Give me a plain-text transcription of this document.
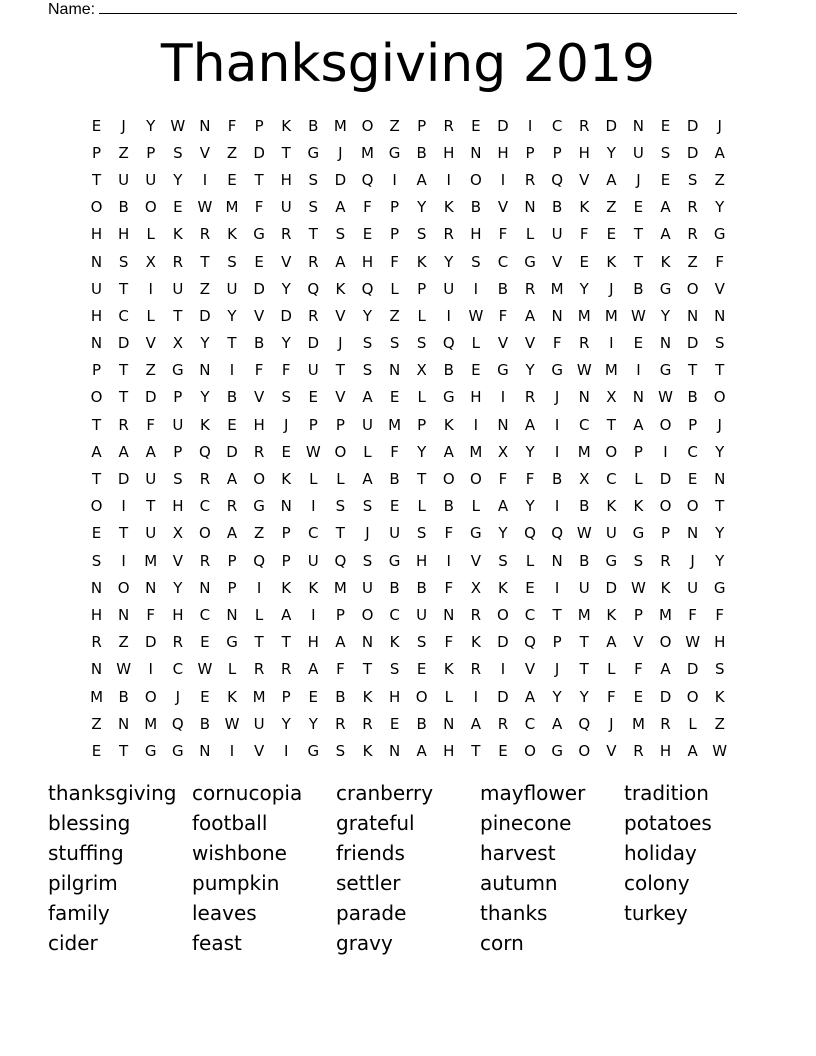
Name:
Thanksgiving 2019
E	J	Y	W N	F	P	K	B	M O	Z	P	R	E	D	I	C	R	D	N	E	D	J
P	Z	P	S	V	Z	D	T	G	J	M G	B	H	N	H	P	P	H	Y	U	S	D	A
T	U	U	Y	I	E	T	H	S	D	Q	I	A	I	O	I	R	Q	V	A	J	E	S	Z
O	B	O	E W M	F	U	S	A	F	P	Y	K	B	V	N	B	K	Z	E	A	R	Y
H	H	L	K	R	K	G	R	T	S	E	P	S	R	H	F	L	U	F	E	T	A	R	G
N	S	X	R	T	S	E	V	R	A	H	F	K	Y	S	C	G	V	E	K	T	K	Z	F
U	T	I	U	Z	U	D	Y	Q	K	Q	L	P	U	I	B	R	M	Y	J	B	G	O	V
H	C	L	T	D	Y	V	D	R	V	Y	Z	L	I	W	F	A	N	M M W	Y	N	N
N	D	V	X	Y	T	B	Y	D	J	S	S	S	Q	L	V	V	F	R	I	E	N	D	S
P	T	Z	G	N	I	F	F	U	T	S	N	X	B	E	G	Y	G W M	I	G	T	T
O	T	D	P	Y	B	V	S	E	V	A	E	L	G	H	I	R	J	N	X	N W B	O
T	R	F	U	K	E	H	J	P	P	U	M	P	K	I	N	A	I	C	T	A	O	P	J
A	A	A	P	Q	D	R	E W O	L	F	Y	A	M	X	Y	I	M O	P	I	C	Y
T	D	U	S	R	A	O	K	L	L	A	B	T	O	O	F	F	B	X	C	L	D	E	N
O	I	T	H	C	R	G	N	I	S	S	E	L	B	L	A	Y	I	B	K	K	O	O	T
E	T	U	X	O	A	Z	P	C	T	J	U	S	F	G	Y	Q	Q W U	G	P	N	Y
S	I	M	V	R	P	Q	P	U	Q	S	G	H	I	V	S	L	N	B	G	S	R	J	Y
N	O	N	Y	N	P	I	K	K	M	U	B	B	F	X	K	E	I	U	D W K	U	G
H	N	F	H	C	N	L	A	I	P	O	C	U	N	R	O	C	T	M	K	P	M	F	F
R	Z	D	R	E	G	T	T	H	A	N	K	S	F	K	D	Q	P	T	A	V	O W H
N W	I	C W	L	R	R	A	F	T	S	E	K	R	I	V	J	T	L	F	A	D	S
M	B	O	J	E	K	M	P	E	B	K	H	O	L	I	D	A	Y	Y	F	E	D	O	K
Z	N	M Q	B W U	Y	Y	R	R	E	B	N	A	R	C	A	Q	J	M	R	L	Z
E	T	G	G	N	I	V	I	G	S	K	N	A	H	T	E	O	G	O	V	R	H	A W
thanksgiving cornucopia	cranberry	mayflower	tradition
blessing	football	grateful	pinecone	potatoes
stuffing	wishbone	friends	harvest	holiday
pilgrim	pumpkin	settler	autumn	colony
family	leaves	parade	thanks	turkey
cider	feast	gravy	corn
